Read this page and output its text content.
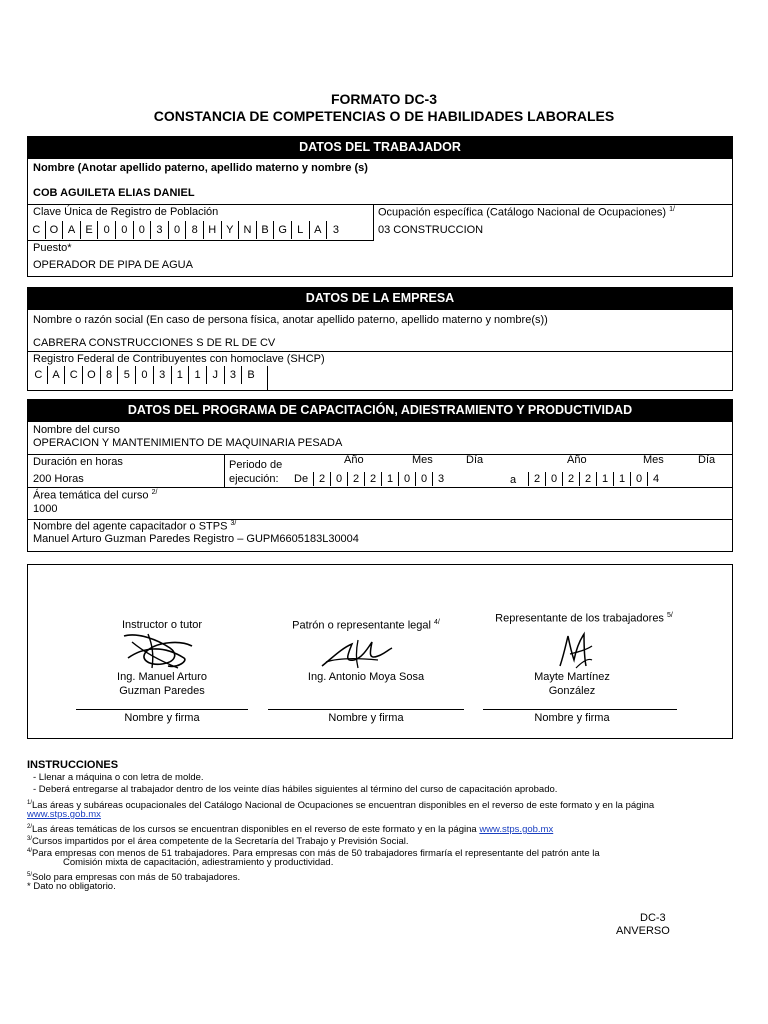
FORMATO DC-3
CONSTANCIA DE COMPETENCIAS O DE HABILIDADES LABORALES
DATOS DEL TRABAJADOR
Nombre (Anotar apellido paterno, apellido materno y nombre (s)
COB AGUILETA ELIAS DANIEL
Clave Única de Registro de Población	Ocupación específica (Catálogo Nacional de Ocupaciones) $^{1/}$
C O A E 0	0	0	3	0	8 H Y N B G L A	3	03 CONSTRUCCION
Puesto*
OPERADOR DE PIPA DE AGUA
DATOS DE LA EMPRESA
Nombre o razón social (En caso de persona física, anotar apellido paterno, apellido materno y nombre(s))
CABRERA CONSTRUCCIONES S DE RL DE CV
Registro Federal de Contribuyentes con homoclave (SHCP)
C A C O 8	5	0	3	1	1	J	3	B
DATOS DEL PROGRAMA DE CAPACITACIÓN, ADIESTRAMIENTO Y PRODUCTIVIDAD
Nombre del curso
OPERACION Y MANTENIMIENTO DE MAQUINARIA PESADA
Duración en horas
200 Horas
Periodo de
ejecución: De
Año	Mes	Día
2 0 2 2 1 0 0 3	a
Año	Mes	Día
2 0 2 2 1 1 0 4
Área temática del curso $^{2/}$
1000
Nombre del agente capacitador o STPS $^{3/}$
Manuel Arturo Guzman Paredes Registro – GUPM6605183L30004
Instructor o tutor
Ing. Manuel Arturo
Guzman Paredes
Nombre y firma
Patrón o representante legal $^{4/}$
Ing. Antonio Moya Sosa
Nombre y firma
Representante de los trabajadores $^{5/}$
Mayte Martínez
González
Nombre y firma
INSTRUCCIONES
- Llenar a máquina o con letra de molde.
- Deberá entregarse al trabajador dentro de los veinte días hábiles siguientes al término del curso de capacitación aprobado.
$^{1/}$Las áreas y subáreas ocupacionales del Catálogo Nacional de Ocupaciones se encuentran disponibles en el reverso de este formato y en la página
www.stps.gob.mx
$^{2/}$Las áreas temáticas de los cursos se encuentran disponibles en el reverso de este formato y en la página www.stps.gob.mx
$^{3/}$Cursos impartidos por el área competente de la Secretaría del Trabajo y Previsión Social.
$^{4/}$Para empresas con menos de 51 trabajadores. Para empresas con más de 50 trabajadores firmaría el representante del patrón ante la
Comisión mixta de capacitación, adiestramiento y productividad.
$^{5/}$Solo para empresas con más de 50 trabajadores.
* Dato no obligatorio.
DC-3
ANVERSO
